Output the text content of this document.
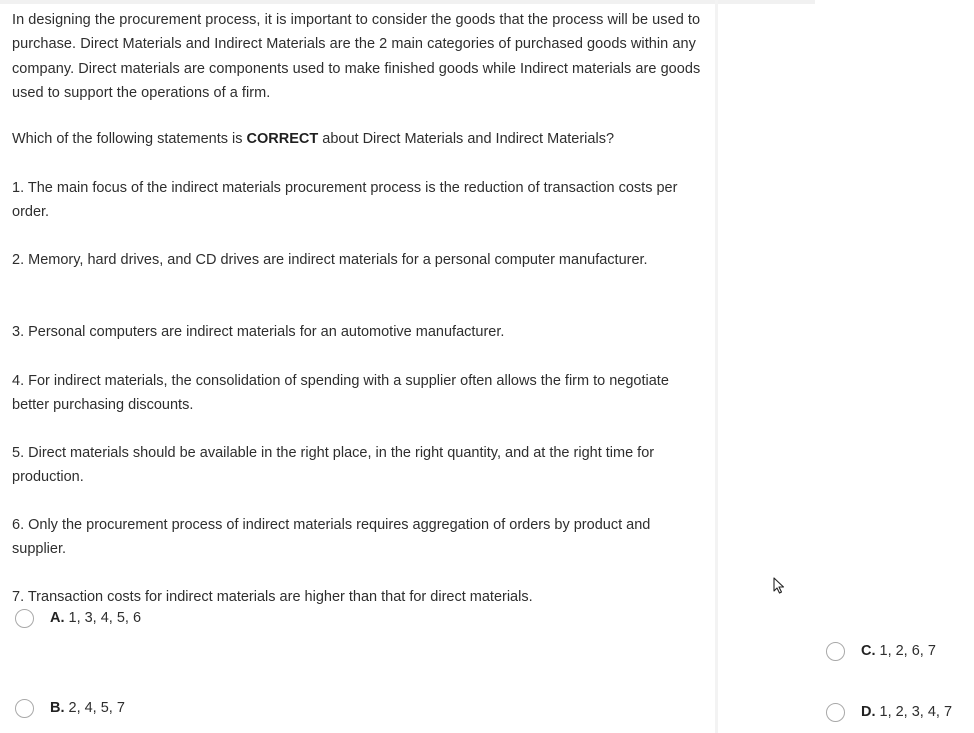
In designing the procurement process, it is important to consider the goods that the process will be used to purchase. Direct Materials and Indirect Materials are the 2 main categories of purchased goods within any company. Direct materials are components used to make finished goods while Indirect materials are goods used to support the operations of a firm.

Which of the following statements is CORRECT about Direct Materials and Indirect Materials?

1. The main focus of the indirect materials procurement process is the reduction of transaction costs per order.
2. Memory, hard drives, and CD drives are indirect materials for a personal computer manufacturer.
3. Personal computers are indirect materials for an automotive manufacturer.
4. For indirect materials, the consolidation of spending with a supplier often allows the firm to negotiate better purchasing discounts.
5. Direct materials should be available in the right place, in the right quantity, and at the right time for production.
6. Only the procurement process of indirect materials requires aggregation of orders by product and supplier.
7. Transaction costs for indirect materials are higher than that for direct materials.
A. 1, 3, 4, 5, 6
B. 2, 4, 5, 7
C. 1, 2, 6, 7
D. 1, 2, 3, 4, 7
